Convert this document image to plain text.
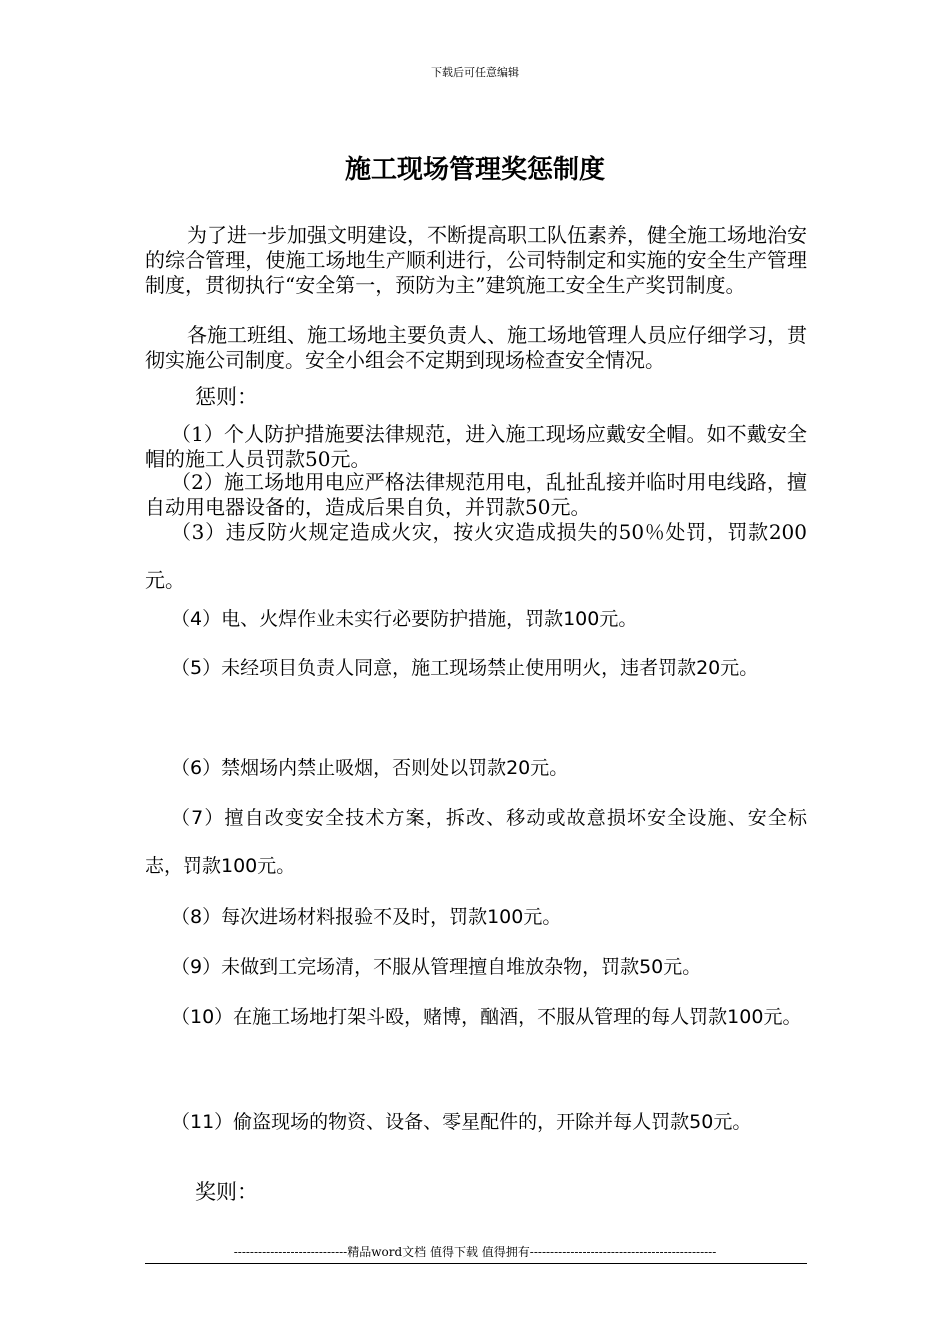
下载后可任意编辑
施工现场管理奖惩制度

为了进一步加强文明建设，不断提高职工队伍素养，健全施工场地治安的综合管理，使施工场地生产顺利进行，公司特制定和实施的安全生产管理制度，贯彻执行“安全第一，预防为主”建筑施工安全生产奖罚制度。

各施工班组、施工场地主要负责人、施工场地管理人员应仔细学习，贯彻实施公司制度。安全小组会不定期到现场检查安全情况。

惩则：

（1）个人防护措施要法律规范，进入施工现场应戴安全帽。如不戴安全帽的施工人员罚款50元。

（2）施工场地用电应严格法律规范用电，乱扯乱接并临时用电线路，擅自动用电器设备的，造成后果自负，并罚款50元。

（3）违反防火规定造成火灾，按火灾造成损失的50％处罚，罚款200元。

（4）电、火焊作业未实行必要防护措施，罚款100元。

（5）未经项目负责人同意，施工现场禁止使用明火，违者罚款20元。

（6）禁烟场内禁止吸烟，否则处以罚款20元。

（7）擅自改变安全技术方案，拆改、移动或故意损坏安全设施、安全标志，罚款100元。

（8）每次进场材料报验不及时，罚款100元。

（9）未做到工完场清，不服从管理擅自堆放杂物，罚款50元。

（10）在施工场地打架斗殴，赌博，酗酒，不服从管理的每人罚款100元。

（11）偷盗现场的物资、设备、零星配件的，开除并每人罚款50元。

奖则：

----------------------------精品word文档 值得下载 值得拥有----------------------------------------------
